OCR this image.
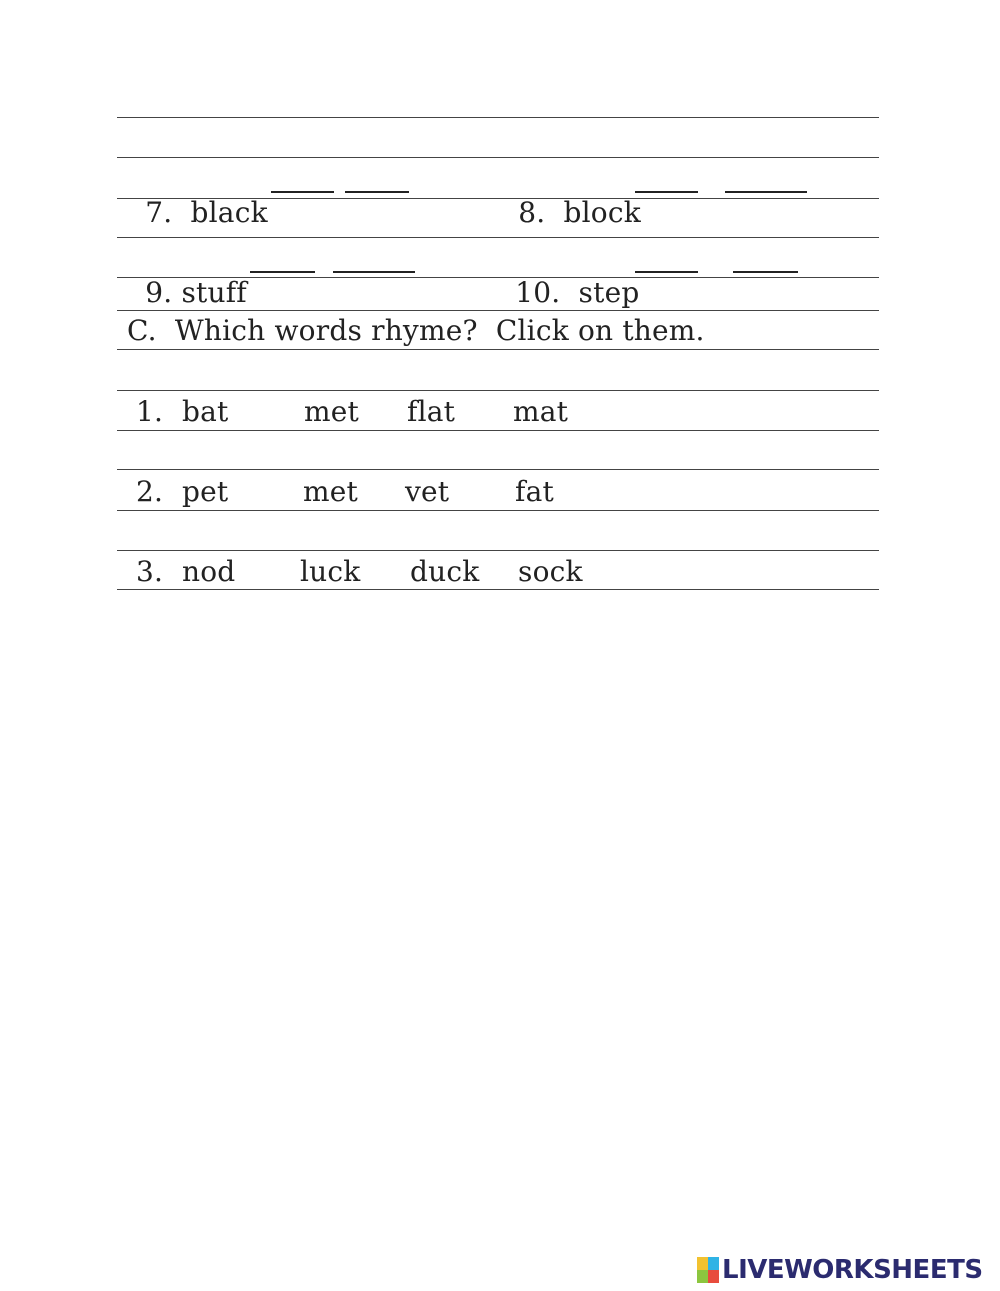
7. black	8. block

9. stuff	10. step

C.  Which words rhyme?  Click on them.
1. bat	met flat mat
2. pet	met vet fat
3. nod luck duck sock
LIVEWORKSHEETS
